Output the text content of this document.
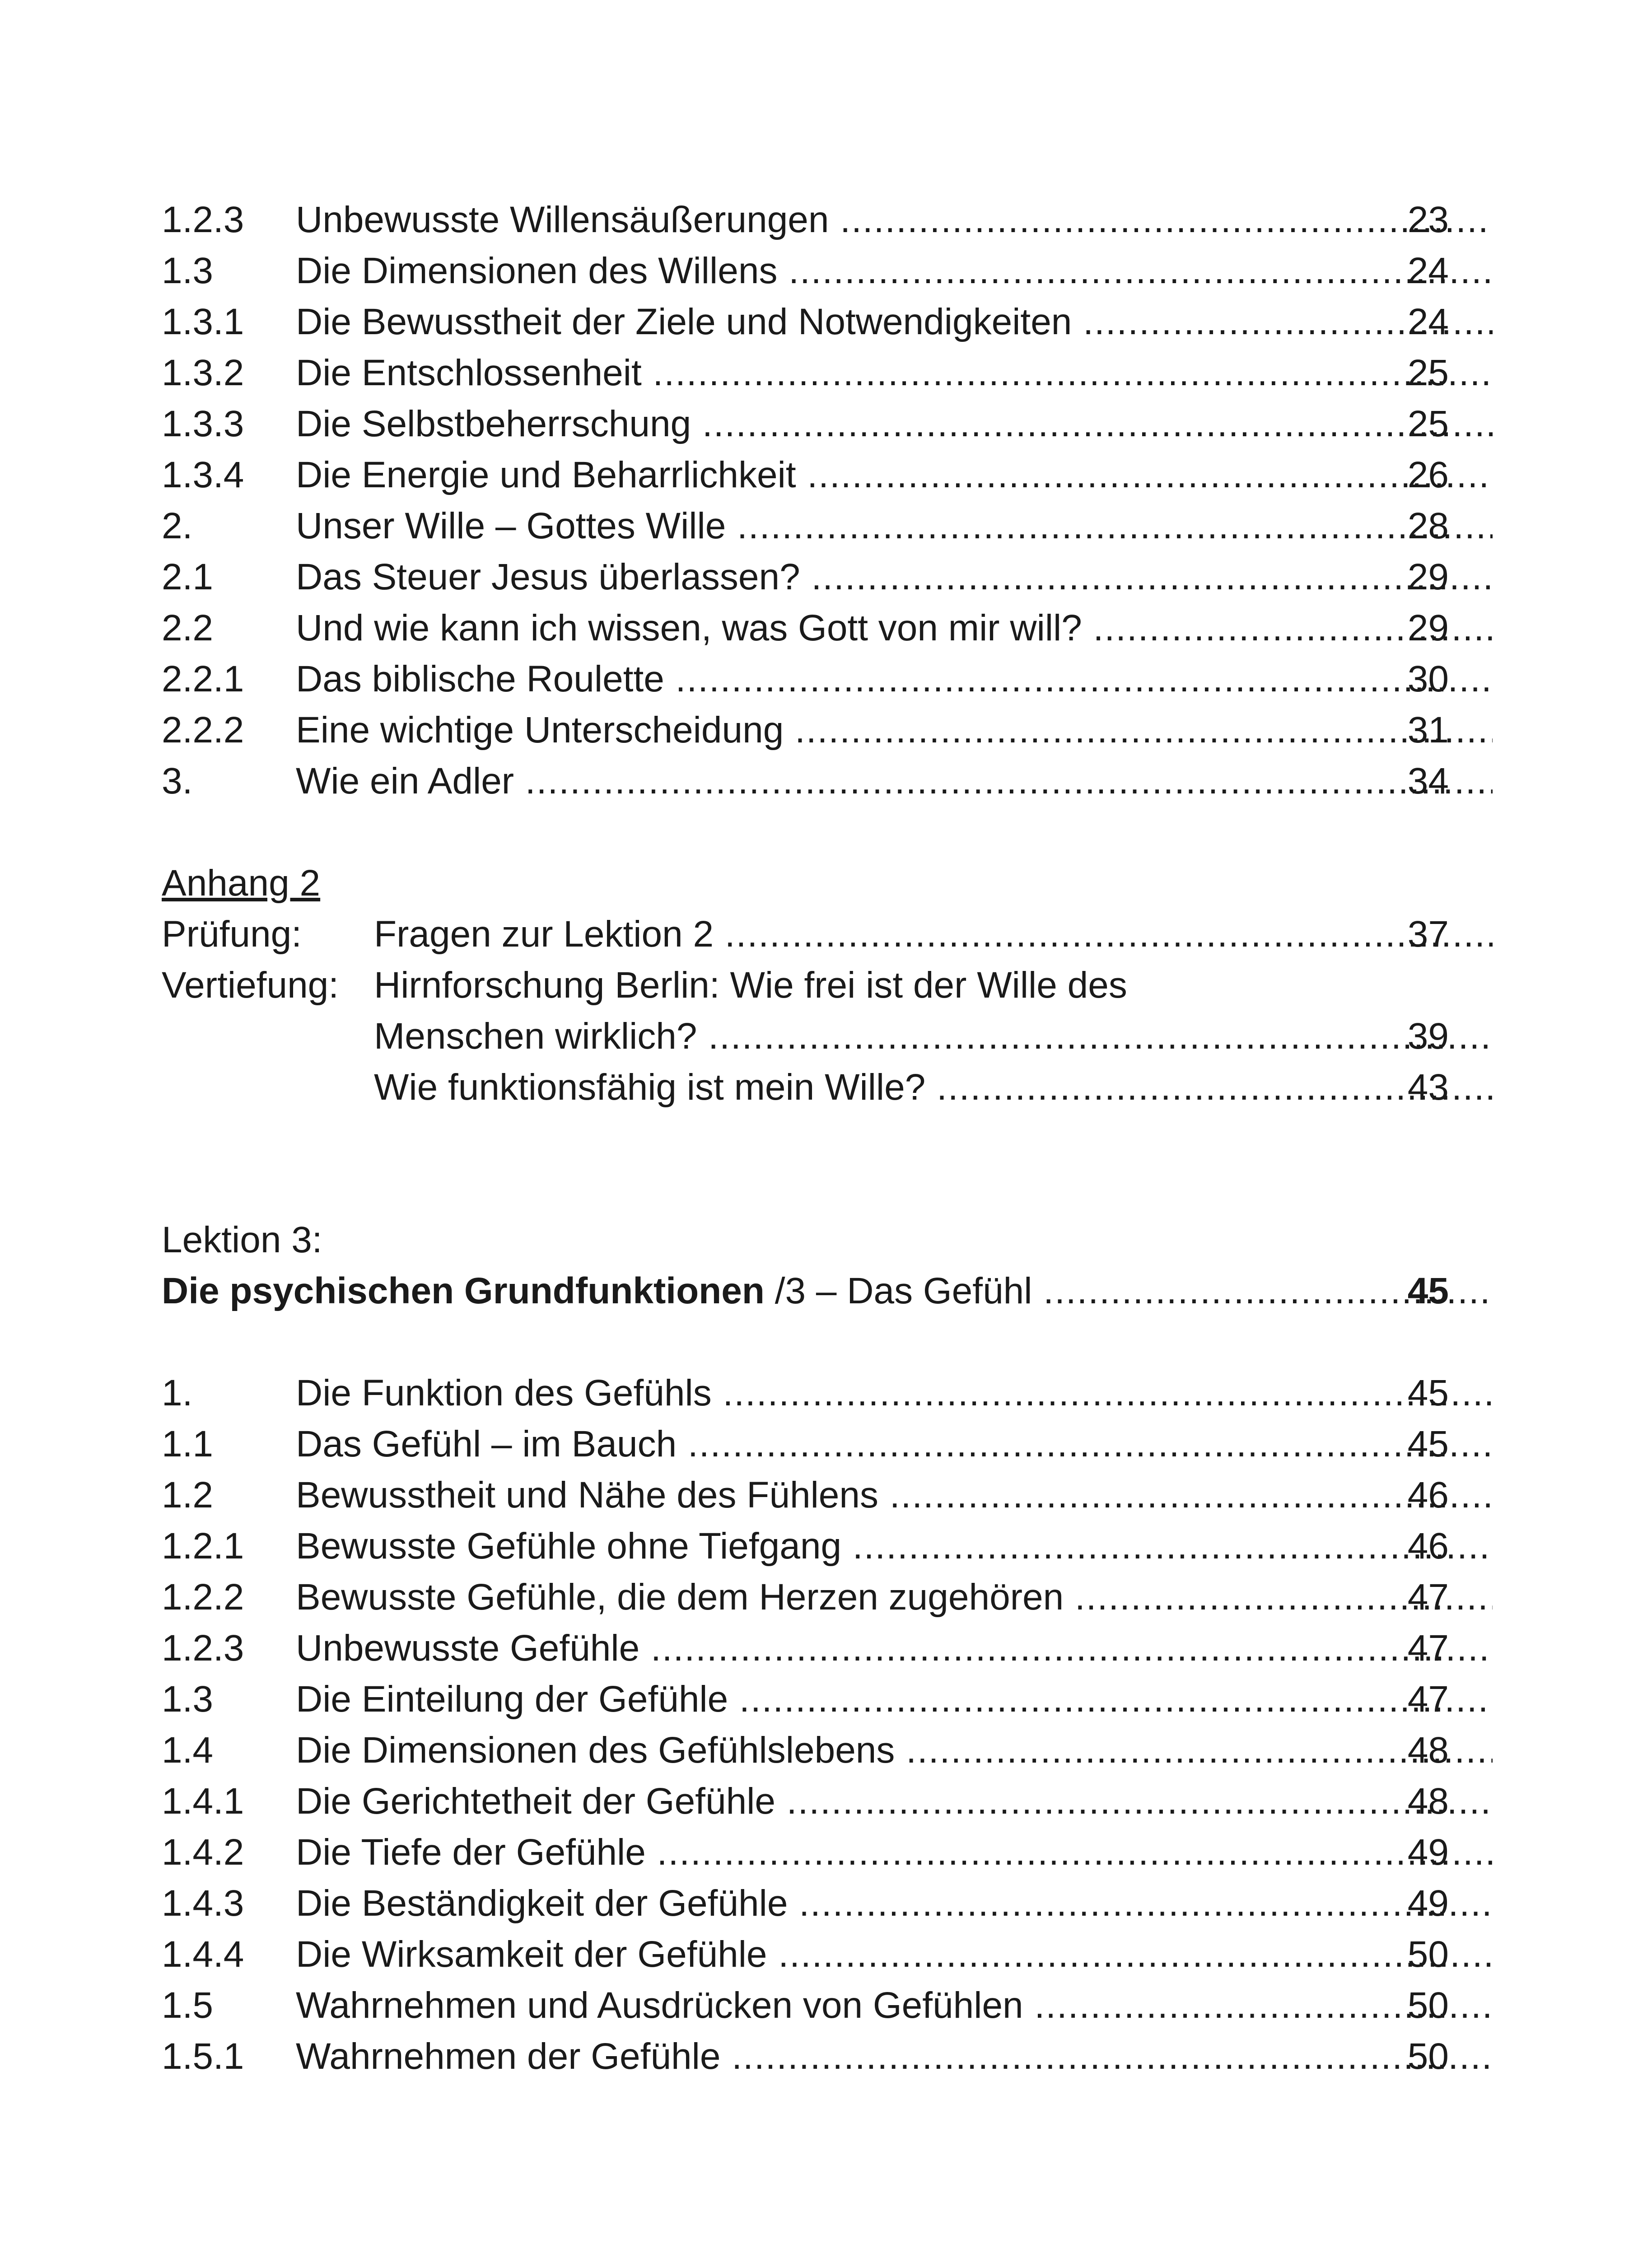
1.2.3 Unbewusste Willensäußerungen .....	23
1.3 Die Dimensionen des Willens .....	24
1.3.1 Die Bewusstheit der Ziele und Notwendigkeiten .....	24
1.3.2 Die Entschlossenheit .....	25
1.3.3 Die Selbstbeherrschung .....	25
1.3.4 Die Energie und Beharrlichkeit .....	26
2.	Unser Wille – Gottes Wille .....	28
2.1 Das Steuer Jesus überlassen? .....	29
2.2 Und wie kann ich wissen, was Gott von mir will? .....	29
2.2.1 Das biblische Roulette .....	30
2.2.2 Eine wichtige Unterscheidung .....	31
3.	Wie ein Adler .....	34
Anhang 2
Prüfung: Fragen zur Lektion 2 .....	37
Vertiefung: Hirnforschung Berlin: Wie frei ist der Wille des
Menschen wirklich? .....	39
Wie funktionsfähig ist mein Wille? .....	43
Lektion 3:
Die psychischen Grundfunktionen /3 – Das Gefühl .....	45
1.	Die Funktion des Gefühls .....	45
1.1 Das Gefühl – im Bauch .....	45
1.2 Bewusstheit und Nähe des Fühlens .....	46
1.2.1 Bewusste Gefühle ohne Tiefgang .....	46
1.2.2 Bewusste Gefühle, die dem Herzen zugehören .....	47
1.2.3 Unbewusste Gefühle .....	47
1.3 Die Einteilung der Gefühle .....	47
1.4 Die Dimensionen des Gefühlslebens .....	48
1.4.1 Die Gerichtetheit der Gefühle .....	48
1.4.2 Die Tiefe der Gefühle .....	49
1.4.3 Die Beständigkeit der Gefühle .....	49
1.4.4 Die Wirksamkeit der Gefühle .....	50
1.5 Wahrnehmen und Ausdrücken von Gefühlen .....	50
1.5.1 Wahrnehmen der Gefühle .....	50
